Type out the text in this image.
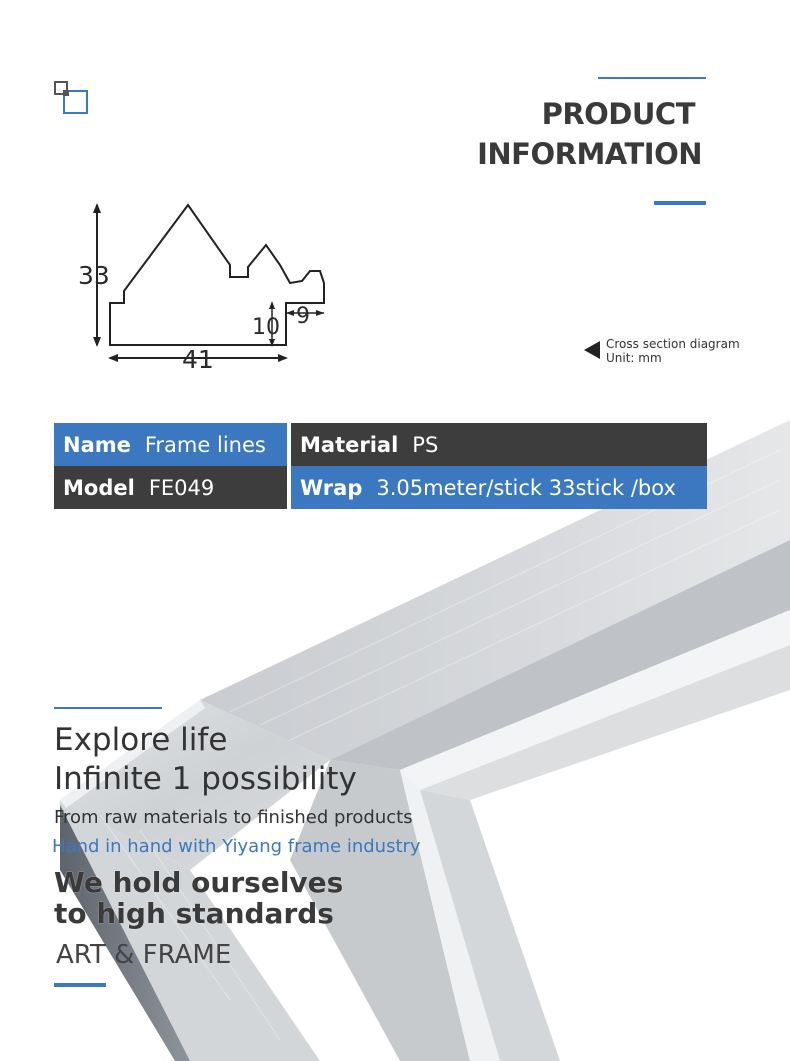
PRODUCT
INFORMATION
33
41
10 9
Cross section diagram
Unit: mm
Name Frame lines Material PS
Model FE049	Wrap 3.05meter/stick 33stick /box
Explore life
Infinite 1 possibility
From raw materials to finished products
Hand in hand with Yiyang frame industry
We hold ourselves
to high standards
ART & FRAME
